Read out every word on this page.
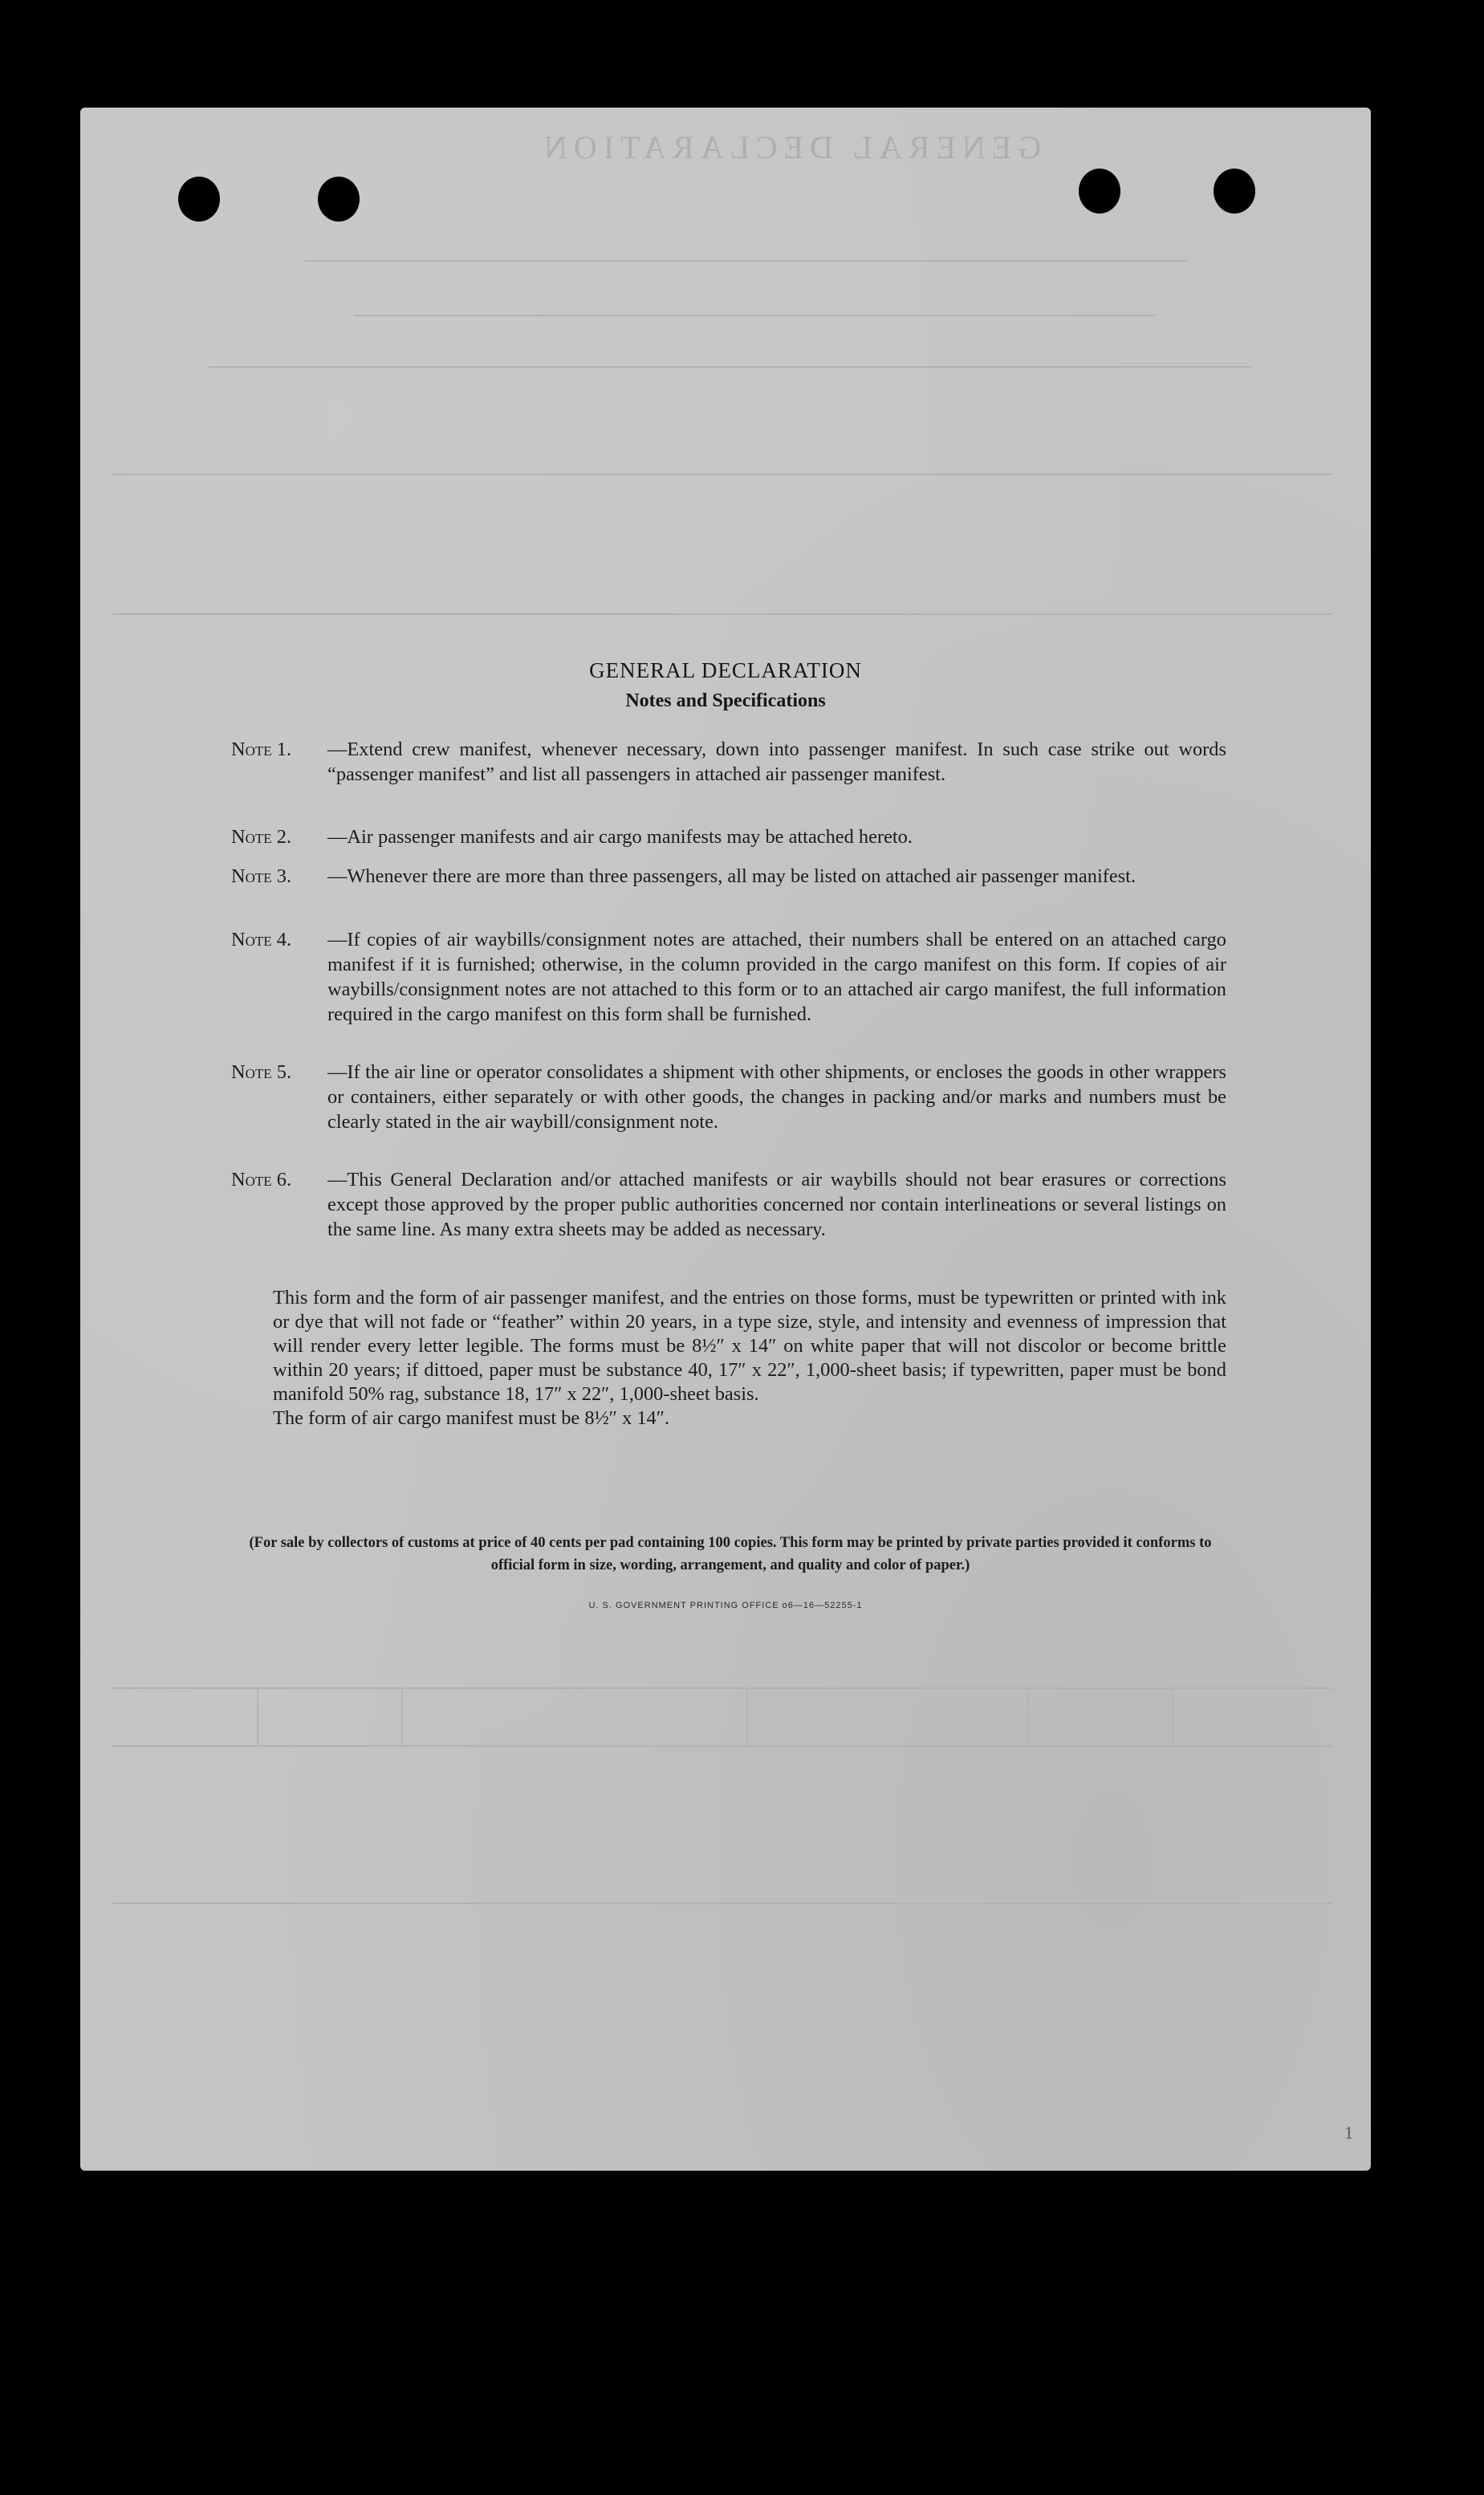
GENERAL DECLARATION
GENERAL DECLARATION
Notes and Specifications
Note 1.	—Extend crew manifest, whenever necessary, down into passenger manifest. In such case strike out words “passenger manifest” and list all passengers in attached air passenger manifest.
Note 2.	—Air passenger manifests and air cargo manifests may be attached hereto.
Note 3.	—Whenever there are more than three passengers, all may be listed on attached air passenger manifest.
Note 4.	—If copies of air waybills/consignment notes are attached, their numbers shall be entered on an attached cargo manifest if it is furnished; otherwise, in the column provided in the cargo manifest on this form. If copies of air waybills/consignment notes are not attached to this form or to an attached air cargo manifest, the full information required in the cargo manifest on this form shall be furnished.
Note 5.	—If the air line or operator consolidates a shipment with other shipments, or encloses the goods in other wrappers or containers, either separately or with other goods, the changes in packing and/or marks and numbers must be clearly stated in the air waybill/consignment note.
Note 6.	—This General Declaration and/or attached manifests or air waybills should not bear erasures or corrections except those approved by the proper public authorities concerned nor contain interlineations or several listings on the same line. As many extra sheets may be added as necessary.
This form and the form of air passenger manifest, and the entries on those forms, must be typewritten or printed with ink or dye that will not fade or “feather” within 20 years, in a type size, style, and intensity and evenness of impression that will render every letter legible. The forms must be 8½″ x 14″ on white paper that will not discolor or become brittle within 20 years; if dittoed, paper must be substance 40, 17″ x 22″, 1,000-sheet basis; if typewritten, paper must be bond manifold 50% rag, substance 18, 17″ x 22″, 1,000-sheet basis.
The form of air cargo manifest must be 8½″ x 14″.
(For sale by collectors of customs at price of 40 cents per pad containing 100 copies. This form may be printed by private parties provided it conforms to official form in size, wording, arrangement, and quality and color of paper.)
U. S. GOVERNMENT PRINTING OFFICE o6—16—52255-1
1
